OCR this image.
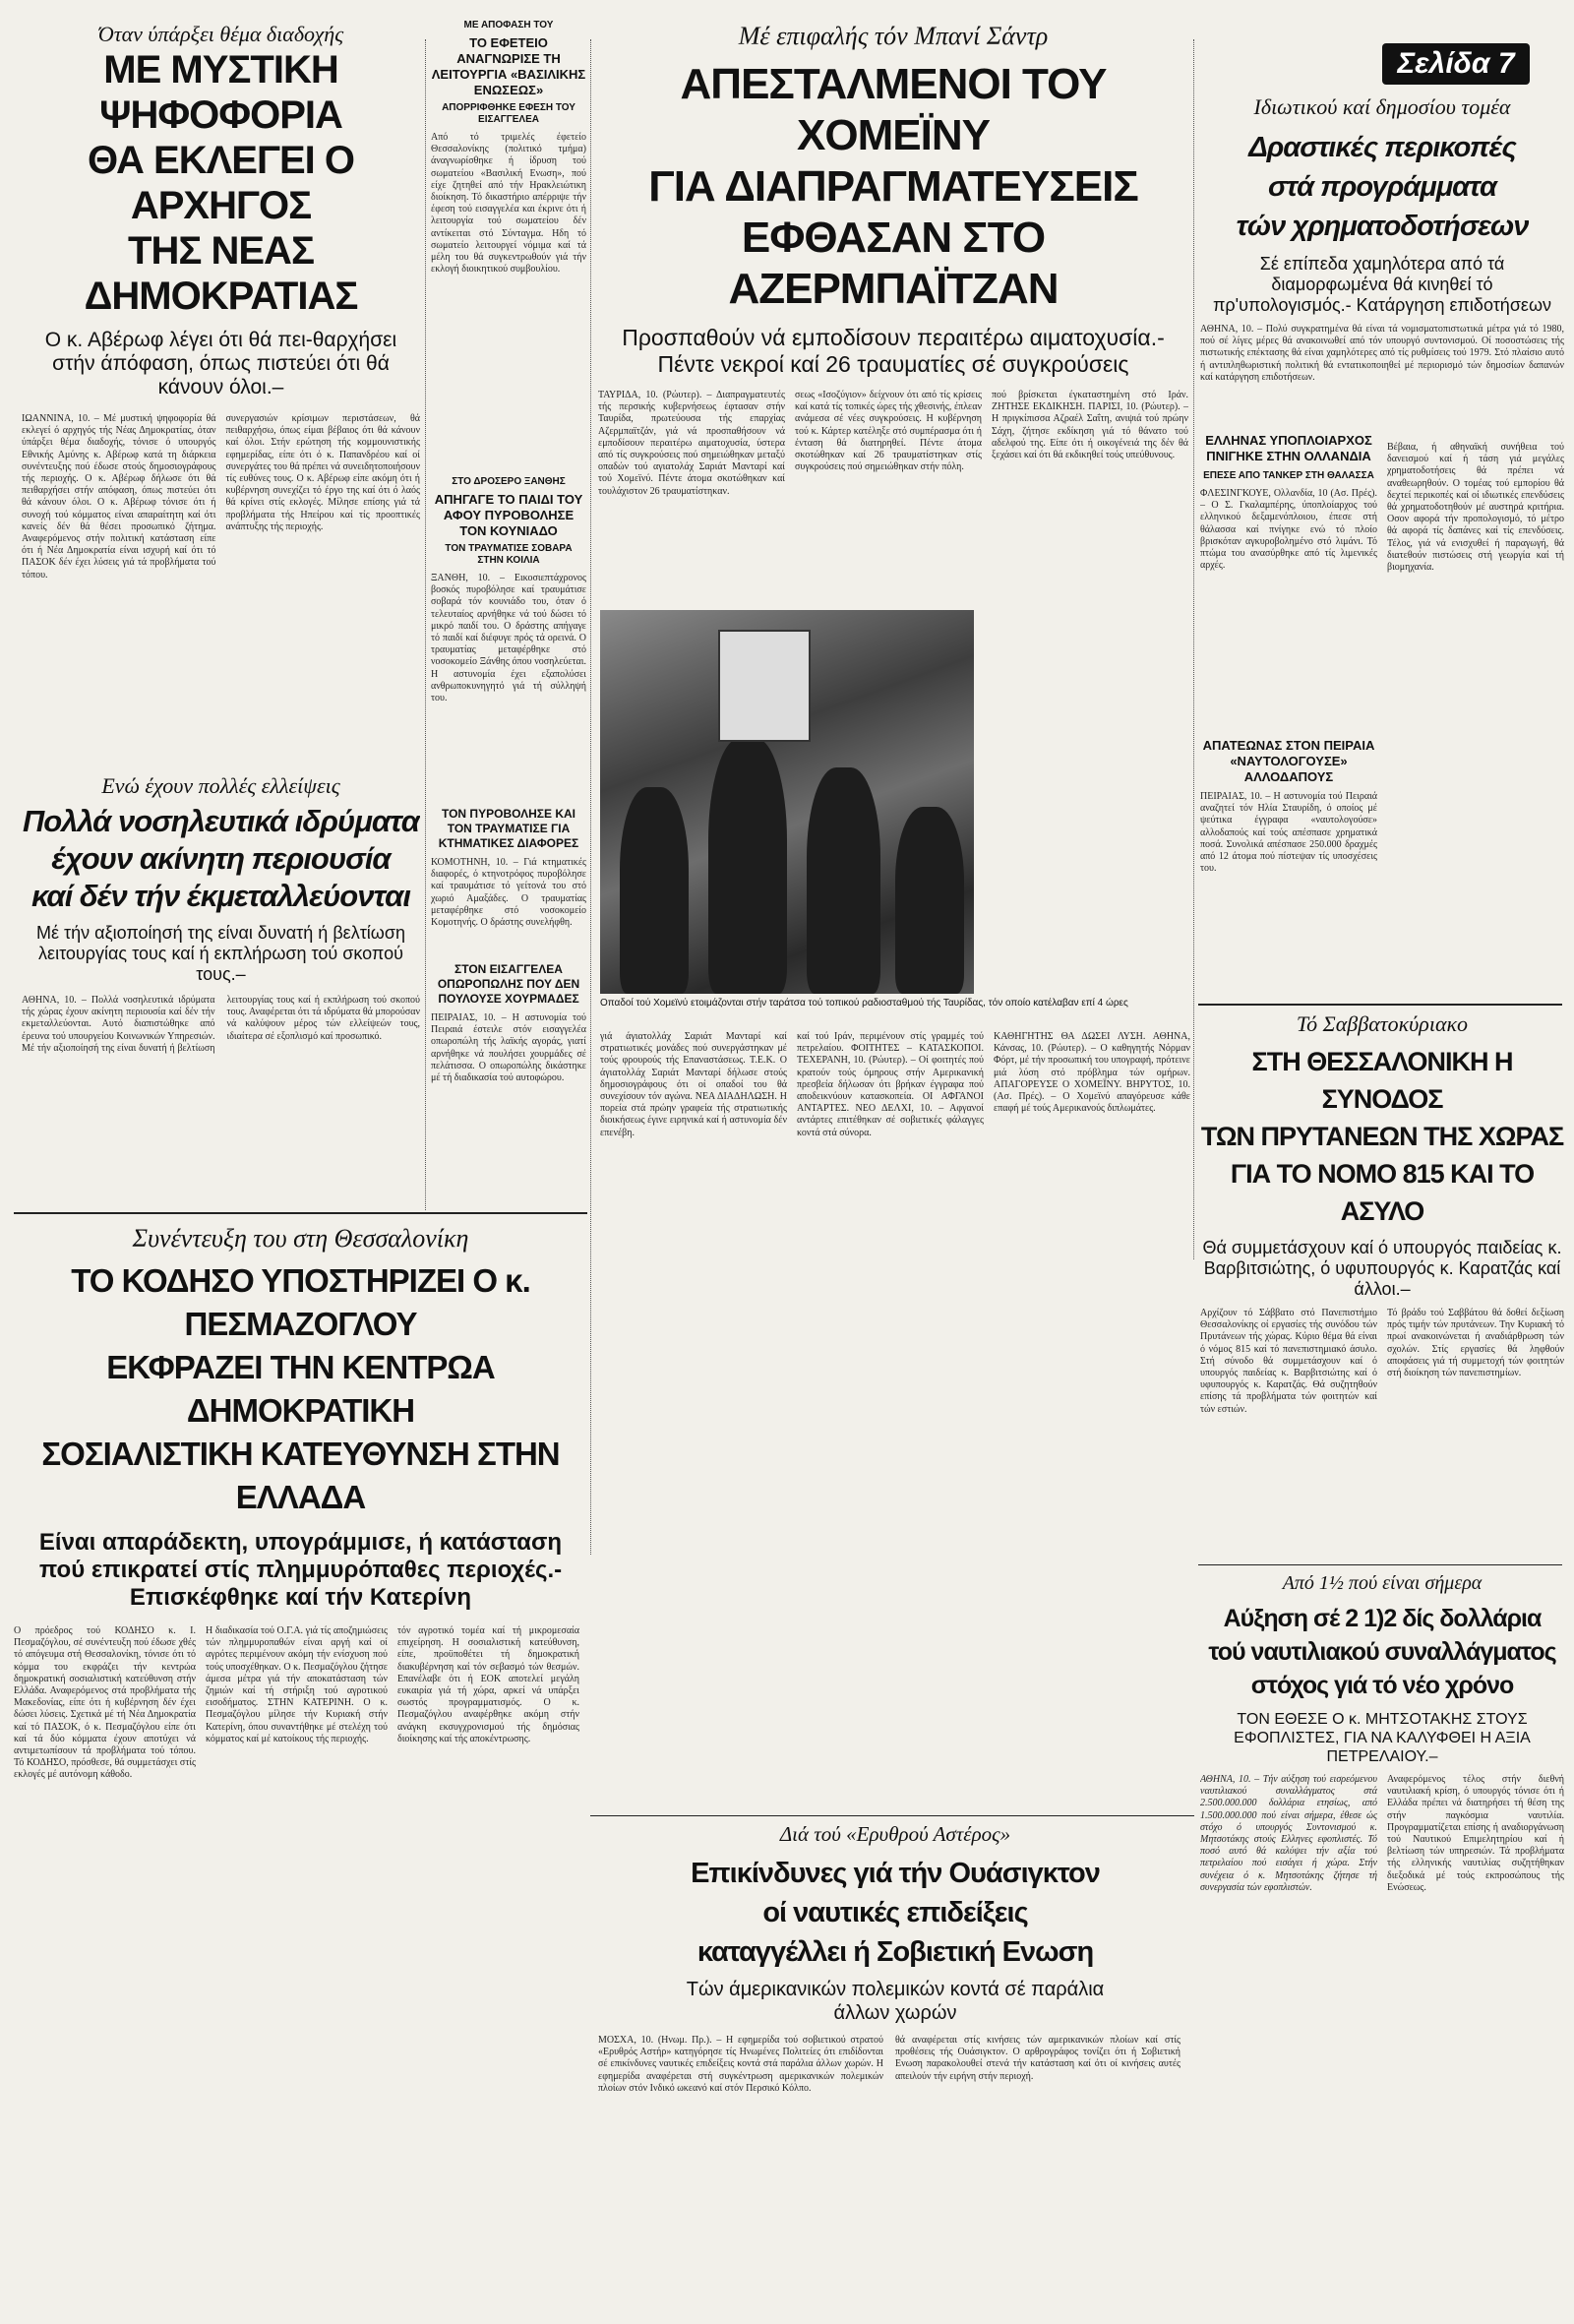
Σελίδα 7
Όταν ύπάρξει θέμα διαδοχής
ΜΕ ΜΥΣΤΙΚΗ ΨΗΦΟΦΟΡΙΑ
ΘΑ ΕΚΛΕΓΕΙ Ο ΑΡΧΗΓΟΣ
ΤΗΣ ΝΕΑΣ ΔΗΜΟΚΡΑΤΙΑΣ
Ο κ. Αβέρωφ λέγει ότι θά πει-θαρχήσει στήν άπόφαση, όπως πιστεύει ότι θά κάνουν όλοι.–
ΙΩΑΝΝΙΝΑ, 10. – Μέ μυστική ψηφοφορία θά εκλεγεί ό αρχηγός τής Νέας Δημοκρατίας, όταν ύπάρξει θέμα διαδοχής, τόνισε ό υπουργός Εθνικής Αμύνης κ. Αβέρωφ κατά τη διάρκεια συνέντευξης πού έδωσε στούς δημοσιογράφους τής περιοχής. Ο κ. Αβέρωφ δήλωσε ότι θά πειθαρχήσει στήν απόφαση, όπως πιστεύει ότι θά κάνουν όλοι. Ο κ. Αβέρωφ τόνισε ότι ή συνοχή τού κόμματος είναι απαραίτητη καί ότι κανείς δέν θά θέσει προσωπικό ζήτημα. Αναφερόμενος στήν πολιτική κατάσταση είπε ότι ή Νέα Δημοκρατία είναι ισχυρή καί ότι τό ΠΑΣΟΚ δέν έχει λύσεις γιά τά προβλήματα τού τόπου.
συνεργασιών κρίσιμων περιστάσεων, θά πειθαρχήσω, όπως είμαι βέβαιος ότι θά κάνουν καί όλοι. Στήν ερώτηση τής κομμουνιστικής εφημερίδας, είπε ότι ό κ. Παπανδρέου καί οί συνεργάτες του θά πρέπει νά συνειδητοποιήσουν τίς ευθύνες τους. Ο κ. Αβέρωφ είπε ακόμη ότι ή κυβέρνηση συνεχίζει τό έργο της καί ότι ό λαός θά κρίνει στίς εκλογές. Μίλησε επίσης γιά τά προβλήματα τής Ηπείρου καί τίς προοπτικές ανάπτυξης τής περιοχής.
ΜΕ ΑΠΟΦΑΣΗ ΤΟΥ
ΤΟ ΕΦΕΤΕΙΟ ΑΝΑΓΝΩΡΙΣΕ ΤΗ ΛΕΙΤΟΥΡΓΙΑ «ΒΑΣΙΛΙΚΗΣ ΕΝΩΣΕΩΣ»
ΑΠΟΡΡΙΦΘΗΚΕ ΕΦΕΣΗ ΤΟΥ ΕΙΣΑΓΓΕΛΕΑ
Από τό τριμελές έφετείο Θεσσαλονίκης (πολιτικό τμήμα) άναγνωρίσθηκε ή ίδρυση τού σωματείου «Βασιλική Ενωση», πού είχε ζητηθεί από τήν Ηρακλειώτικη διοίκηση. Τό δικαστήριο απέρριψε τήν έφεση τού εισαγγελέα και έκρινε ότι ή λειτουργία τού σωματείου δέν αντίκειται στό Σύνταγμα. Ηδη τό σωματείο λειτουργεί νόμιμα καί τά μέλη του θά συγκεντρωθούν γιά τήν εκλογή διοικητικού συμβουλίου.
ΣΤΟ ΔΡΟΣΕΡΟ ΞΑΝΘΗΣ
ΑΠΗΓΑΓΕ ΤΟ ΠΑΙΔΙ ΤΟΥ ΑΦΟΥ ΠΥΡΟΒΟΛΗΣΕ ΤΟΝ ΚΟΥΝΙΑΔΟ
ΤΟΝ ΤΡΑΥΜΑΤΙΣΕ ΣΟΒΑΡΑ ΣΤΗΝ ΚΟΙΛΙΑ
ΞΑΝΘΗ, 10. – Εικοσιεπτάχρονος βοσκός πυροβόλησε καί τραυμάτισε σοβαρά τόν κουνιάδο του, όταν ό τελευταίος αρνήθηκε νά τού δώσει τό μικρό παιδί του. Ο δράστης απήγαγε τό παιδί καί διέφυγε πρός τά ορεινά. Ο τραυματίας μεταφέρθηκε στό νοσοκομείο Ξάνθης όπου νοσηλεύεται. Η αστυνομία έχει εξαπολύσει ανθρωποκυνηγητό γιά τή σύλληψή του.
ΤΟΝ ΠΥΡΟΒΟΛΗΣΕ ΚΑΙ ΤΟΝ ΤΡΑΥΜΑΤΙΣΕ ΓΙΑ ΚΤΗΜΑΤΙΚΕΣ ΔΙΑΦΟΡΕΣ
ΚΟΜΟΤΗΝΗ, 10. – Γιά κτηματικές διαφορές, ό κτηνοτρόφος πυροβόλησε καί τραυμάτισε τό γείτονά του στό χωριό Αμαξάδες. Ο τραυματίας μεταφέρθηκε στό νοσοκομείο Κομοτηνής. Ο δράστης συνελήφθη.
ΣΤΟΝ ΕΙΣΑΓΓΕΛΕΑ ΟΠΩΡΟΠΩΛΗΣ ΠΟΥ ΔΕΝ ΠΟΥΛΟΥΣΕ ΧΟΥΡΜΑΔΕΣ
ΠΕΙΡΑΙΑΣ, 10. – Η αστυνομία τού Πειραιά έστειλε στόν εισαγγελέα οπωροπώλη τής λαϊκής αγοράς, γιατί αρνήθηκε νά πουλήσει χουρμάδες σέ πελάτισσα. Ο οπωροπώλης δικάστηκε μέ τή διαδικασία τού αυτοφώρου.
Ενώ έχουν πολλές ελλείψεις
Πολλά νοσηλευτικά ιδρύματα
έχουν ακίνητη περιουσία
καί δέν τήν έκμεταλλεύονται
Μέ τήν αξιοποίησή της είναι δυνατή ή βελτίωση λειτουργίας τους καί ή εκπλήρωση τού σκοπού τους.–
ΑΘΗΝΑ, 10. – Πολλά νοσηλευτικά ιδρύματα τής χώρας έχουν ακίνητη περιουσία καί δέν τήν εκμεταλλεύονται. Αυτό διαπιστώθηκε από έρευνα τού υπουργείου Κοινωνικών Υπηρεσιών. Μέ τήν αξιοποίησή της είναι δυνατή ή βελτίωση λειτουργίας τους καί ή εκπλήρωση τού σκοπού τους. Αναφέρεται ότι τά ιδρύματα θά μπορούσαν νά καλύψουν μέρος τών ελλείψεών τους, ιδιαίτερα σέ εξοπλισμό καί προσωπικό.
Συνέντευξη του στη Θεσσαλονίκη
ΤΟ ΚΟΔΗΣΟ ΥΠΟΣΤΗΡΙΖΕΙ Ο κ. ΠΕΣΜΑΖΟΓΛΟΥ
ΕΚΦΡΑΖΕΙ ΤΗΝ ΚΕΝΤΡΩΑ ΔΗΜΟΚΡΑΤΙΚΗ
ΣΟΣΙΑΛΙΣΤΙΚΗ ΚΑΤΕΥΘΥΝΣΗ ΣΤΗΝ ΕΛΛΑΔΑ
Είναι απαράδεκτη, υπογράμμισε, ή κατάσταση πού επικρατεί στίς πλημμυρόπαθες περιοχές.-Επισκέφθηκε καί τήν Κατερίνη
Ο πρόεδρος τού ΚΟΔΗΣΟ κ. Ι. Πεσμαζόγλου, σέ συνέντευξη πού έδωσε χθές τό απόγευμα στή Θεσσαλονίκη, τόνισε ότι τό κόμμα του εκφράζει τήν κεντρώα δημοκρατική σοσιαλιστική κατεύθυνση στήν Ελλάδα. Αναφερόμενος στά προβλήματα τής Μακεδονίας, είπε ότι ή κυβέρνηση δέν έχει δώσει λύσεις. Σχετικά μέ τή Νέα Δημοκρατία καί τό ΠΑΣΟΚ, ό κ. Πεσμαζόγλου είπε ότι καί τά δύο κόμματα έχουν αποτύχει νά αντιμετωπίσουν τά προβλήματα τού τόπου. Τό ΚΟΔΗΣΟ, πρόσθεσε, θά συμμετάσχει στίς εκλογές μέ αυτόνομη κάθοδο.
Η διαδικασία τού Ο.Γ.Α. γιά τίς αποζημιώσεις τών πλημμυροπαθών είναι αργή καί οί αγρότες περιμένουν ακόμη τήν ενίσχυση πού τούς υποσχέθηκαν. Ο κ. Πεσμαζόγλου ζήτησε άμεσα μέτρα γιά τήν αποκατάσταση τών ζημιών καί τή στήριξη τού αγροτικού εισοδήματος. ΣΤΗΝ ΚΑΤΕΡΙΝΗ. Ο κ. Πεσμαζόγλου μίλησε τήν Κυριακή στήν Κατερίνη, όπου συναντήθηκε μέ στελέχη τού κόμματος καί μέ κατοίκους τής περιοχής.
τόν αγροτικό τομέα καί τή μικρομεσαία επιχείρηση. Η σοσιαλιστική κατεύθυνση, είπε, προϋποθέτει τή δημοκρατική διακυβέρνηση καί τόν σεβασμό τών θεσμών. Επανέλαβε ότι ή ΕΟΚ αποτελεί μεγάλη ευκαιρία γιά τή χώρα, αρκεί νά υπάρξει σωστός προγραμματισμός. Ο κ. Πεσμαζόγλου αναφέρθηκε ακόμη στήν ανάγκη εκσυγχρονισμού τής δημόσιας διοίκησης καί τής αποκέντρωσης.
Μέ επιφαλής τόν Μπανί Σάντρ
ΑΠΕΣΤΑΛΜΕΝΟΙ ΤΟΥ ΧΟΜΕΪΝΥ
ΓΙΑ ΔΙΑΠΡΑΓΜΑΤΕΥΣΕΙΣ
ΕΦΘΑΣΑΝ ΣΤΟ ΑΖΕΡΜΠΑΪΤΖΑΝ
Προσπαθούν νά εμποδίσουν περαιτέρω αιματοχυσία.- Πέντε νεκροί καί 26 τραυματίες σέ συγκρούσεις
ΤΑΥΡΙΔΑ, 10. (Ρώυτερ). – Διαπραγματευτές τής περσικής κυβερνήσεως έφτασαν στήν Ταυρίδα, πρωτεύουσα τής επαρχίας Αζερμπαϊτζάν, γιά νά προσπαθήσουν νά εμποδίσουν περαιτέρω αιματοχυσία, ύστερα από τίς συγκρούσεις πού σημειώθηκαν μεταξύ οπαδών τού αγιατολάχ Σαριάτ Μανταρί καί τού Χομεϊνύ. Πέντε άτομα σκοτώθηκαν καί τουλάχιστον 26 τραυματίστηκαν.
σεως «Ισοζύγιον» δείχνουν ότι από τίς κρίσεις καί κατά τίς τοπικές ώρες τής χθεσινής, έπλεαν ανάμεσα σέ νέες συγκρούσεις. Η κυβέρνηση τού κ. Κάρτερ κατέληξε στό συμπέρασμα ότι ή ένταση θά διατηρηθεί. Πέντε άτομα σκοτώθηκαν καί 26 τραυματίστηκαν στίς συγκρούσεις πού σημειώθηκαν στήν πόλη.
πού βρίσκεται έγκαταστημένη στό Ιράν. ΖΗΤΗΣΕ ΕΚΔΙΚΗΣΗ. ΠΑΡΙΣΙ, 10. (Ρώυτερ). – Η πριγκίπισσα Αζραέλ Σαΐτη, ανιψιά τού πρώην Σάχη, ζήτησε εκδίκηση γιά τό θάνατο τού αδελφού της. Είπε ότι ή οικογένειά της δέν θά ξεχάσει καί ότι θά εκδικηθεί τούς υπεύθυνους.
Οπαδοί τού Χομεϊνύ ετοιμάζονται στήν ταράτσα τού τοπικού ραδιοσταθμού τής Ταυρίδας, τόν οποίο κατέλαβαν επί 4 ώρες
γιά άγιατολλάχ Σαριάτ Μανταρί καί στρατιωτικές μονάδες πού συνεργάστηκαν μέ τούς φρουρούς τής Επαναστάσεως. Τ.Ε.Κ. Ο άγιατολλάχ Σαριάτ Μανταρί δήλωσε στούς δημοσιογράφους ότι οί οπαδοί του θά συνεχίσουν τόν αγώνα. ΝΕΑ ΔΙΑΔΗΛΩΣΗ. Η πορεία στά πρώην γραφεία τής στρατιωτικής διοικήσεως έγινε ειρηνικά καί ή αστυνομία δέν επενέβη.
καί τού Ιράν, περιμένουν στίς γραμμές τού πετρελαίου. ΦΟΙΤΗΤΕΣ – ΚΑΤΑΣΚΟΠΟΙ. ΤΕΧΕΡΑΝΗ, 10. (Ρώυτερ). – Οί φοιτητές πού κρατούν τούς όμηρους στήν Αμερικανική πρεσβεία δήλωσαν ότι βρήκαν έγγραφα πού αποδεικνύουν κατασκοπεία. ΟΙ ΑΦΓΑΝΟΙ ΑΝΤΑΡΤΕΣ. ΝΕΟ ΔΕΛΧΙ, 10. – Αφγανοί αντάρτες επιτέθηκαν σέ σοβιετικές φάλαγγες κοντά στά σύνορα.
ΚΑΘΗΓΗΤΗΣ ΘΑ ΔΩΣΕΙ ΛΥΣΗ. ΑΘΗΝΑ, Κάνσας, 10. (Ρώυτερ). – Ο καθηγητής Νόρμαν Φόρτ, μέ τήν προσωπική του υπογραφή, πρότεινε μιά λύση στό πρόβλημα τών ομήρων. ΑΠΑΓΟΡΕΥΣΕ Ο ΧΟΜΕΪΝΥ. ΒΗΡΥΤΟΣ, 10. (Ασ. Πρές). – Ο Χομεϊνύ απαγόρευσε κάθε επαφή μέ τούς Αμερικανούς διπλωμάτες.
Ιδιωτικού καί δημοσίου τομέα
Δραστικές περικοπές
στά προγράμματα
τών χρηματοδοτήσεων
Σέ επίπεδα χαμηλότερα από τά διαμορφωμένα θά κινηθεί τό πρ'υπολογισμός.- Κατάργηση επιδοτήσεων
ΑΘΗΝΑ, 10. – Πολύ συγκρατημένα θά είναι τά νομισματοπιστωτικά μέτρα γιά τό 1980, πού σέ λίγες μέρες θά ανακοινωθεί από τόν υπουργό συντονισμού. Οί ποσοστώσεις τής πιστωτικής επέκτασης θά είναι χαμηλότερες από τίς ρυθμίσεις τού 1979. Στό πλαίσιο αυτό ή αντιπληθωριστική πολιτική θά εντατικοποιηθεί μέ περιορισμό τών δημοσίων δαπανών καί κατάργηση επιδοτήσεων.
Βέβαια, ή αθηναϊκή συνήθεια τού δανεισμού καί ή τάση γιά μεγάλες χρηματοδοτήσεις θά πρέπει νά αναθεωρηθούν. Ο τομέας τού εμπορίου θά δεχτεί περικοπές καί οί ιδιωτικές επενδύσεις θά χρηματοδοτηθούν μέ αυστηρά κριτήρια. Οσον αφορά τήν προπολογισμό, τό μέτρο θά αφορά τίς δαπάνες καί τίς επενδύσεις. Τέλος, γιά νά ενισχυθεί ή παραγωγή, θά διατεθούν πιστώσεις στή γεωργία καί τή βιομηχανία.
ΕΛΛΗΝΑΣ ΥΠΟΠΛΟΙΑΡΧΟΣ ΠΝΙΓΗΚΕ ΣΤΗΝ ΟΛΛΑΝΔΙΑ
ΕΠΕΣΕ ΑΠΟ ΤΑΝΚΕΡ ΣΤΗ ΘΑΛΑΣΣΑ
ΦΛΕΣΙΝΓΚΟΥΕ, Ολλανδία, 10 (Ασ. Πρές). – Ο Σ. Γκαλαμπέρης, ύποπλοίαρχος τού ελληνικού δεξαμενόπλοιου, έπεσε στή θάλασσα καί πνίγηκε ενώ τό πλοίο βρισκόταν αγκυροβολημένο στό λιμάνι. Τό πτώμα του ανασύρθηκε από τίς λιμενικές αρχές.
ΑΠΑΤΕΩΝΑΣ ΣΤΟΝ ΠΕΙΡΑΙΑ «ΝΑΥΤΟΛΟΓΟΥΣΕ» ΑΛΛΟΔΑΠΟΥΣ
ΠΕΙΡΑΙΑΣ, 10. – Η αστυνομία τού Πειραιά αναζητεί τόν Ηλία Σταυρίδη, ό οποίος μέ ψεύτικα έγγραφα «ναυτολογούσε» αλλοδαπούς καί τούς απέσπασε χρηματικά ποσά. Συνολικά απέσπασε 250.000 δραχμές από 12 άτομα πού πίστεψαν τίς υποσχέσεις του.
Τό Σαββατοκύριακο
ΣΤΗ ΘΕΣΣΑΛΟΝΙΚΗ Η ΣΥΝΟΔΟΣ
ΤΩΝ ΠΡΥΤΑΝΕΩΝ ΤΗΣ ΧΩΡΑΣ
ΓΙΑ ΤΟ ΝΟΜΟ 815 ΚΑΙ ΤΟ ΑΣΥΛΟ
Θά συμμετάσχουν καί ό υπουργός παιδείας κ. Βαρβιτσιώτης, ό υφυπουργός κ. Καρατζάς καί άλλοι.–
Αρχίζουν τό Σάββατο στό Πανεπιστήμιο Θεσσαλονίκης οί εργασίες τής συνόδου τών Πρυτάνεων τής χώρας. Κύριο θέμα θά είναι ό νόμος 815 καί τό πανεπιστημιακό άσυλο. Στή σύνοδο θά συμμετάσχουν καί ό υπουργός παιδείας κ. Βαρβιτσιώτης καί ό υφυπουργός κ. Καρατζάς. Θά συζητηθούν επίσης τά προβλήματα τών φοιτητών καί τών εστιών.
Τό βράδυ τού Σαββάτου θά δοθεί δεξίωση πρός τιμήν τών πρυτάνεων. Την Κυριακή τό πρωί ανακοινώνεται ή αναδιάρθρωση τών σχολών. Στίς εργασίες θά ληφθούν αποφάσεις γιά τή συμμετοχή τών φοιτητών στή διοίκηση τών πανεπιστημίων.
Από 1½ πού είναι σήμερα
Αύξηση σέ 2 1)2 δίς δολλάρια
τού ναυτιλιακού συναλλάγματος
στόχος γιά τό νέο χρόνο
ΤΟΝ ΕΘΕΣΕ Ο κ. ΜΗΤΣΟΤΑΚΗΣ ΣΤΟΥΣ ΕΦΟΠΛΙΣΤΕΣ, ΓΙΑ ΝΑ ΚΑΛΥΦΘΕΙ Η ΑΞΙΑ ΠΕΤΡΕΛΑΙΟΥ.–
ΑΘΗΝΑ, 10. – Τήν αύξηση τού εισρεόμενου ναυτιλιακού συναλλάγματος στά 2.500.000.000 δολλάρια ετησίως, από 1.500.000.000 πού είναι σήμερα, έθεσε ώς στόχο ό υπουργός Συντονισμού κ. Μητσοτάκης στούς Ελληνες εφοπλιστές. Τό ποσό αυτό θά καλύψει τήν αξία τού πετρελαίου πού εισάγει ή χώρα. Στήν συνέχεια ό κ. Μητσοτάκης ζήτησε τή συνεργασία τών εφοπλιστών.
Αναφερόμενος τέλος στήν διεθνή ναυτιλιακή κρίση, ό υπουργός τόνισε ότι ή Ελλάδα πρέπει νά διατηρήσει τή θέση της στήν παγκόσμια ναυτιλία. Προγραμματίζεται επίσης ή αναδιοργάνωση τού Ναυτικού Επιμελητηρίου καί ή βελτίωση τών υπηρεσιών. Τά προβλήματα τής ελληνικής ναυτιλίας συζητήθηκαν διεξοδικά μέ τούς εκπροσώπους τής Ενώσεως.
Διά τού «Ερυθρού Αστέρος»
Επικίνδυνες γιά τήν Ουάσιγκτον
οί ναυτικές επιδείξεις
καταγγέλλει ή Σοβιετική Ενωση
Τών άμερικανικών πολεμικών κοντά σέ παράλια άλλων χωρών
ΜΟΣΧΑ, 10. (Ηνωμ. Πρ.). – Η εφημερίδα τού σοβιετικού στρατού «Ερυθρός Αστήρ» κατηγόρησε τίς Ηνωμένες Πολιτείες ότι επιδίδονται σέ επικίνδυνες ναυτικές επιδείξεις κοντά στά παράλια άλλων χωρών. Η εφημερίδα αναφέρεται στή συγκέντρωση αμερικανικών πολεμικών πλοίων στόν Ινδικό ωκεανό καί στόν Περσικό Κόλπο.
θά αναφέρεται στίς κινήσεις τών αμερικανικών πλοίων καί στίς προθέσεις τής Ουάσιγκτον. Ο αρθρογράφος τονίζει ότι ή Σοβιετική Ενωση παρακολουθεί στενά τήν κατάσταση καί ότι οί κινήσεις αυτές απειλούν τήν ειρήνη στήν περιοχή.
